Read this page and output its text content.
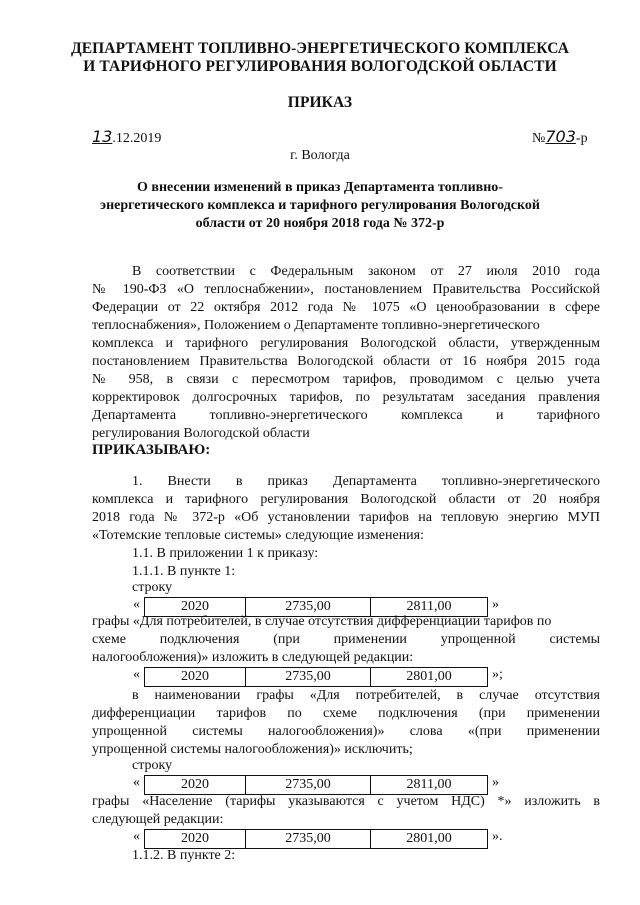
ДЕПАРТАМЕНТ ТОПЛИВНО-ЭНЕРГЕТИЧЕСКОГО КОМПЛЕКСА
И ТАРИФНОГО РЕГУЛИРОВАНИЯ ВОЛОГОДСКОЙ ОБЛАСТИ
ПРИКАЗ
13.12.2019	№703-р
г. Вологда
О внесении изменений в приказ Департамента топливно-
энергетического комплекса и тарифного регулирования Вологодской
области от 20 ноября 2018 года № 372-р
В соответствии с Федеральным законом от 27 июля 2010 года
№ 190-ФЗ «О теплоснабжении», постановлением Правительства Российской
Федерации от 22 октября 2012 года № 1075 «О ценообразовании в сфере
теплоснабжения», Положением о Департаменте топливно-энергетического
комплекса и тарифного регулирования Вологодской области, утвержденным
постановлением Правительства Вологодской области от 16 ноября 2015 года
№ 958, в связи с пересмотром тарифов, проводимом с целью учета
корректировок долгосрочных тарифов, по результатам заседания правления
Департамента топливно-энергетического комплекса и тарифного
регулирования Вологодской области
ПРИКАЗЫВАЮ:
1. Внести в приказ Департамента топливно-энергетического
комплекса и тарифного регулирования Вологодской области от 20 ноября
2018 года № 372-р «Об установлении тарифов на тепловую энергию МУП
«Тотемские тепловые системы» следующие изменения:
1.1. В приложении 1 к приказу:
1.1.1. В пункте 1:
строку
«	2020	2735,00	2811,00	»
графы «Для потребителей, в случае отсутствия дифференциации тарифов по
схеме подключения (при применении упрощенной системы
налогообложения)» изложить в следующей редакции:
«	2020	2735,00	2801,00	»;
в наименовании графы «Для потребителей, в случае отсутствия
дифференциации тарифов по схеме подключения (при применении
упрощенной системы налогообложения)» слова «(при применении
упрощенной системы налогообложения)» исключить;
строку
«	2020	2735,00	2811,00	»
графы «Население (тарифы указываются с учетом НДС) *» изложить в
следующей редакции:
«	2020	2735,00	2801,00	».
1.1.2. В пункте 2:
